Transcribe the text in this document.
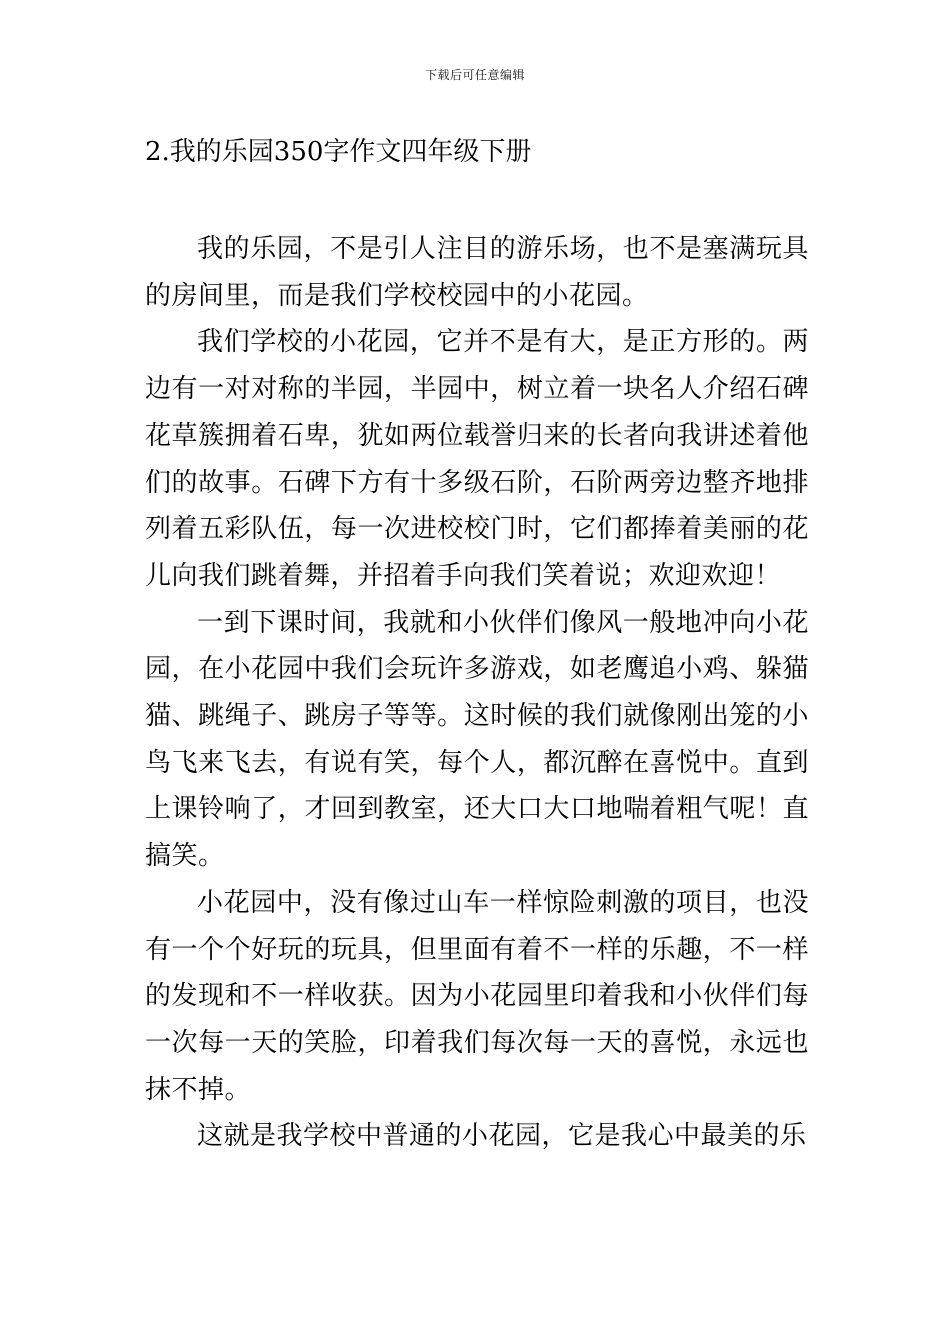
下载后可任意编辑
2.我的乐园350字作文四年级下册

我的乐园，不是引人注目的游乐场，也不是塞满玩具的房间里，而是我们学校校园中的小花园。

我们学校的小花园，它并不是有大，是正方形的。两边有一对对称的半园，半园中，树立着一块名人介绍石碑花草簇拥着石卑，犹如两位载誉归来的长者向我讲述着他们的故事。石碑下方有十多级石阶，石阶两旁边整齐地排列着五彩队伍，每一次进校校门时，它们都捧着美丽的花儿向我们跳着舞，并招着手向我们笑着说；欢迎欢迎！

一到下课时间，我就和小伙伴们像风一般地冲向小花园，在小花园中我们会玩许多游戏，如老鹰追小鸡、躲猫猫、跳绳子、跳房子等等。这时候的我们就像刚出笼的小鸟飞来飞去，有说有笑，每个人，都沉醉在喜悦中。直到上课铃响了，才回到教室，还大口大口地喘着粗气呢！直搞笑。

小花园中，没有像过山车一样惊险刺激的项目，也没有一个个好玩的玩具，但里面有着不一样的乐趣，不一样的发现和不一样收获。因为小花园里印着我和小伙伴们每一次每一天的笑脸，印着我们每次每一天的喜悦，永远也抹不掉。

这就是我学校中普通的小花园，它是我心中最美的乐
